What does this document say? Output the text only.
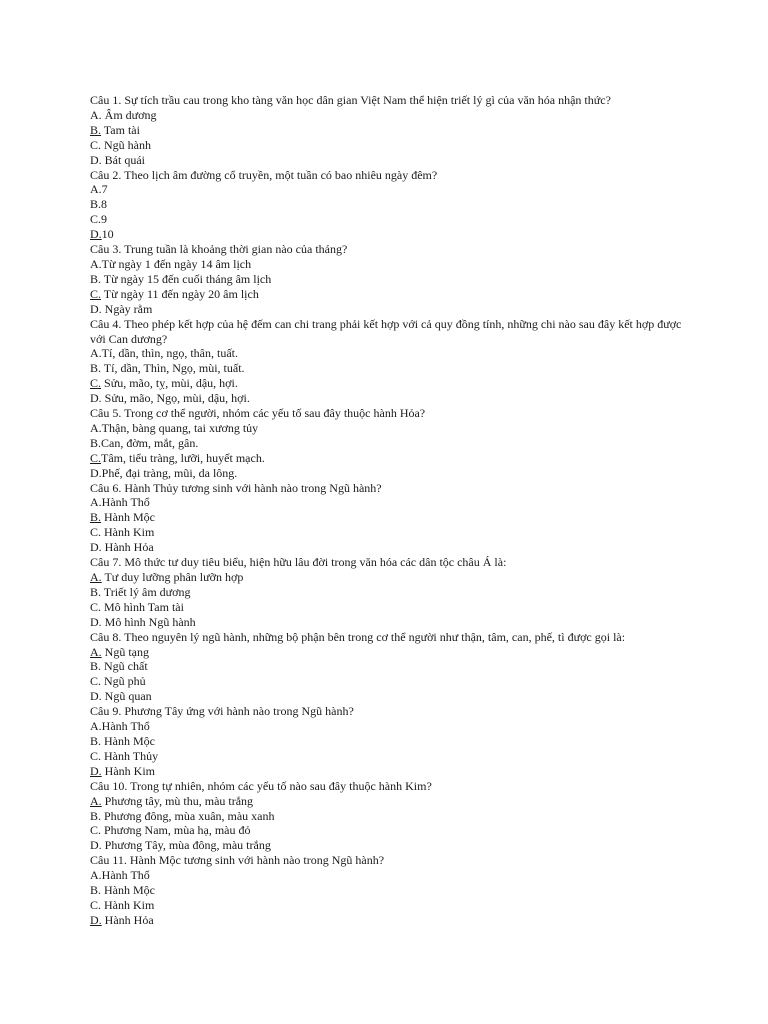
Câu 1. Sự tích trầu cau trong kho tàng văn học dân gian Việt Nam thể hiện triết lý gì của văn hóa nhận thức?
A. Âm dương
B. Tam tài
C. Ngũ hành
D. Bát quái
Câu 2. Theo lịch âm đường cổ truyền, một tuần có bao nhiêu ngày đêm?
A.7
B.8
C.9
D.10
Câu 3. Trung tuần là khoảng thời gian nào của tháng?
A.Từ ngày 1 đến ngày 14 âm lịch
B. Từ ngày 15 đến cuối tháng âm lịch
C. Từ ngày 11 đến ngày 20 âm lịch
D. Ngày rằm
Câu 4. Theo phép kết hợp của hệ đếm can chi trang phải kết hợp với cả quy đồng tính, những chi nào sau đây kết hợp được với Can dương?
A.Tí, dần, thìn, ngọ, thân, tuất.
B. Tí, dần, Thìn, Ngọ, mùi, tuất.
C. Sửu, mão, tỵ, mùi, dậu, hợi.
D. Sửu, mão, Ngọ, mùi, dậu, hợi.
Câu 5. Trong cơ thể người, nhóm các yếu tố sau đây thuộc hành Hỏa?
A.Thận, bàng quang, tai xương tủy
B.Can, đờm, mắt, gân.
C.Tâm, tiểu tràng, lưỡi, huyết mạch.
D.Phế, đại tràng, mũi, da lông.
Câu 6. Hành Thủy tương sinh với hành nào trong Ngũ hành?
A.Hành Thổ
B. Hành Mộc
C. Hành Kim
D. Hành Hỏa
Câu 7. Mô thức tư duy tiêu biểu, hiện hữu lâu đời trong văn hóa các dân tộc châu Á là:
A. Tư duy lưỡng phân lưỡn hợp
B. Triết lý âm dương
C. Mô hình Tam tài
D. Mô hình Ngũ hành
Câu 8. Theo nguyên lý ngũ hành, những bộ phận bên trong cơ thể người như thận, tâm, can, phế, tì được gọi là:
A. Ngũ tạng
B. Ngũ chất
C. Ngũ phủ
D. Ngũ quan
Câu 9. Phương Tây ứng với hành nào trong Ngũ hành?
A.Hành Thổ
B. Hành Mộc
C. Hành Thủy
D. Hành Kim
Câu 10. Trong tự nhiên, nhóm các yếu tố nào sau đây thuộc hành Kim?
A. Phương tây, mù thu, màu trắng
B. Phương đông, mùa xuân, màu xanh
C. Phương Nam, mùa hạ, màu đỏ
D. Phương Tây, mùa đông, màu trắng
Câu 11. Hành Mộc tương sinh với hành nào trong Ngũ hành?
A.Hành Thổ
B. Hành Mộc
C. Hành Kim
D. Hành Hỏa
